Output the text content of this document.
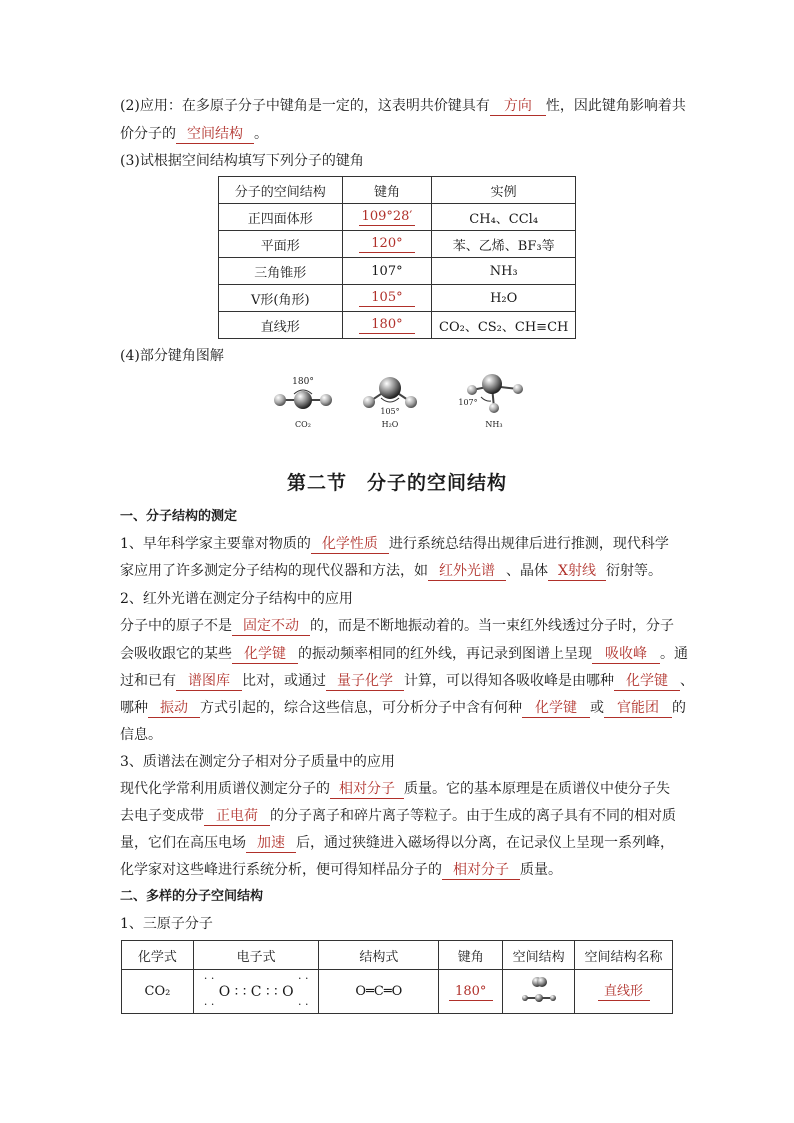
(2)应用：在多原子分子中键角是一定的，这表明共价键具有 方向 性，因此键角影响着共
价分子的 空间结构 。
(3)试根据空间结构填写下列分子的键角
分子的空间结构	键角	实例
正四面体形	109°28′	CH₄、CCl₄
平面形	120°	苯、乙烯、BF₃等
三角锥形	107°	NH₃
V形(角形)	105°	H₂O
直线形	180°	CO₂、CS₂、CH≡CH
(4)部分键角图解
180°
CO₂
105°
H₂O
107°
NH₃
第二节　分子的空间结构
一、分子结构的测定
1、早年科学家主要靠对物质的 化学性质 进行系统总结得出规律后进行推测，现代科学
家应用了许多测定分子结构的现代仪器和方法，如 红外光谱 、晶体 X射线 衍射等。
2、红外光谱在测定分子结构中的应用
分子中的原子不是 固定不动 的，而是不断地振动着的。当一束红外线透过分子时，分子
会吸收跟它的某些 化学键 的振动频率相同的红外线，再记录到图谱上呈现 吸收峰 。通
过和已有 谱图库 比对，或通过 量子化学 计算，可以得知各吸收峰是由哪种 化学键 、
哪种 振动 方式引起的，综合这些信息，可分析分子中含有何种 化学键 或 官能团 的
信息。
3、质谱法在测定分子相对分子质量中的应用
现代化学常利用质谱仪测定分子的 相对分子 质量。它的基本原理是在质谱仪中使分子失
去电子变成带 正电荷 的分子离子和碎片离子等粒子。由于生成的离子具有不同的相对质
量，它们在高压电场 加速 后，通过狭缝进入磁场得以分离，在记录仪上呈现一系列峰，
化学家对这些峰进行系统分析，便可得知样品分子的 相对分子 质量。
二、多样的分子空间结构
1、三原子分子
化学式	电子式	结构式	键角	空间结构	空间结构名称
CO₂	· · · ·
O ∶ ∶ C ∶ ∶ O
· · · ·	O═C═O	180°		直线形
